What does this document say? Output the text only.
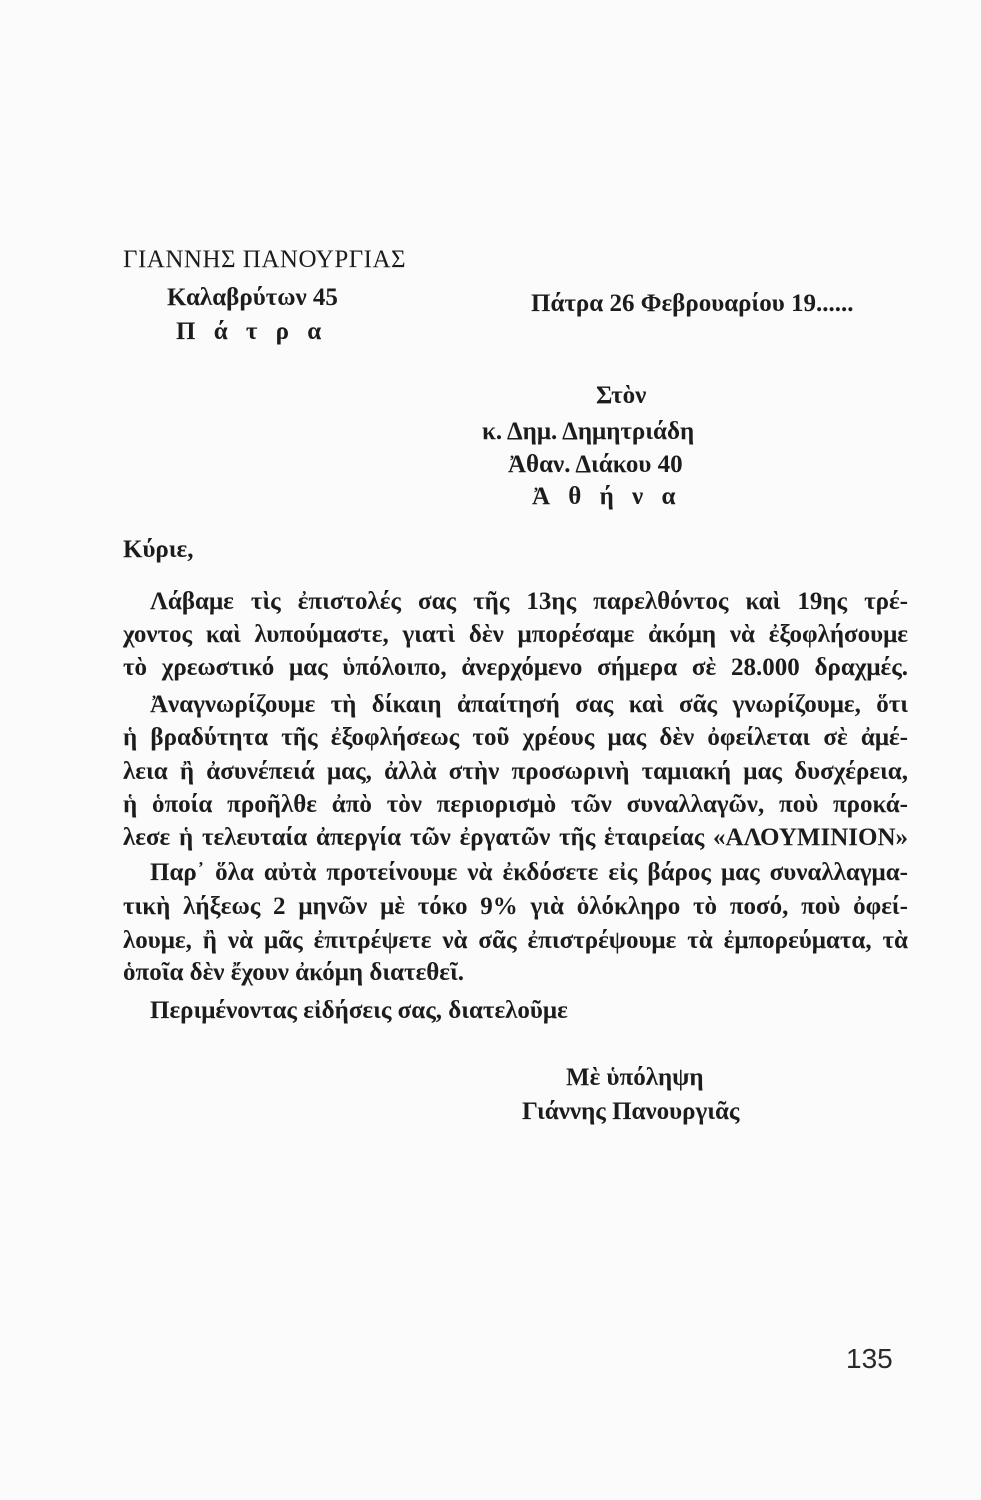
ΓΙΑΝΝΗΣ ΠΑΝΟΥΡΓΙΑΣ
Καλαβρύτων 45
Π ά τ ρ α
Πάτρα 26 Φεβρουαρίου 19......
Στὸν
κ. Δημ. Δημητριάδη
Ἀθαν. Διάκου 40
Ἀ θ ή ν α
Κύριε,
Λάβαμε τὶς ἐπιστολές σας τῆς 13ης παρελθόντος καὶ 19ης τρέ-
χοντος καὶ λυπούμαστε, γιατὶ δὲν μπορέσαμε ἀκόμη νὰ ἐξοφλήσουμε
τὸ χρεωστικό μας ὑπόλοιπο, ἀνερχόμενο σήμερα σὲ 28.000 δραχμές.
Ἀναγνωρίζουμε τὴ δίκαιη ἀπαίτησή σας καὶ σᾶς γνωρίζουμε, ὅτι
ἡ βραδύτητα τῆς ἐξοφλήσεως τοῦ χρέους μας δὲν ὀφείλεται σὲ ἀμέ-
λεια ἢ ἀσυνέπειά μας, ἀλλὰ στὴν προσωρινὴ ταμιακή μας δυσχέρεια,
ἡ ὁποία προῆλθε ἀπὸ τὸν περιορισμὸ τῶν συναλλαγῶν, ποὺ προκά-
λεσε ἡ τελευταία ἀπεργία τῶν ἐργατῶν τῆς ἑταιρείας «ΑΛΟΥΜΙΝΙΟΝ»
Παρ᾿ ὅλα αὐτὰ προτείνουμε νὰ ἐκδόσετε εἰς βάρος μας συναλλαγμα-
τικὴ λήξεως 2 μηνῶν μὲ τόκο 9% γιὰ ὁλόκληρο τὸ ποσό, ποὺ ὀφεί-
λουμε, ἢ νὰ μᾶς ἐπιτρέψετε νὰ σᾶς ἐπιστρέψουμε τὰ ἐμπορεύματα, τὰ
ὁποῖα δὲν ἔχουν ἀκόμη διατεθεῖ.
Περιμένοντας εἰδήσεις σας, διατελοῦμε
Μὲ ὑπόληψη
Γιάννης Πανουργιᾶς
135
